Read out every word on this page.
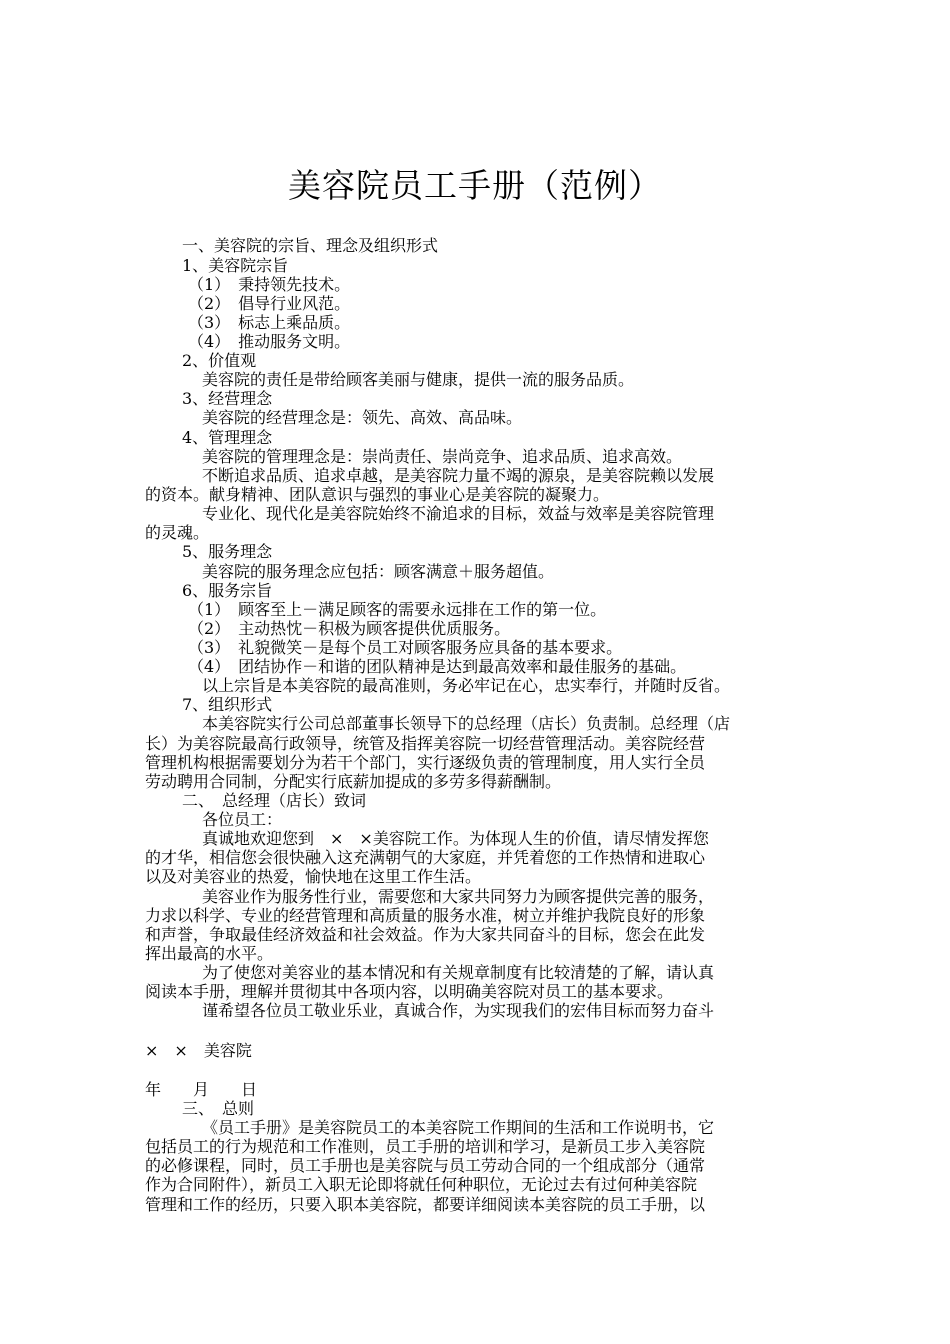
美容院员工手册（范例）
一、美容院的宗旨、理念及组织形式
1、美容院宗旨
（1）　秉持领先技术。
（2）　倡导行业风范。
（3）　标志上乘品质。
（4）　推动服务文明。
2、价值观
美容院的责任是带给顾客美丽与健康，提供一流的服务品质。
3、经营理念
美容院的经营理念是：领先、高效、高品味。
4、管理理念
美容院的管理理念是：崇尚责任、崇尚竞争、追求品质、追求高效。
不断追求品质、追求卓越，是美容院力量不竭的源泉，是美容院赖以发展
的资本。献身精神、团队意识与强烈的事业心是美容院的凝聚力。
专业化、现代化是美容院始终不渝追求的目标，效益与效率是美容院管理
的灵魂。
5、服务理念
美容院的服务理念应包括：顾客满意＋服务超值。
6、服务宗旨
（1）　顾客至上－满足顾客的需要永远排在工作的第一位。
（2）　主动热忱－积极为顾客提供优质服务。
（3）　礼貌微笑－是每个员工对顾客服务应具备的基本要求。
（4）　团结协作－和谐的团队精神是达到最高效率和最佳服务的基础。
以上宗旨是本美容院的最高准则，务必牢记在心，忠实奉行，并随时反省。
7、组织形式
本美容院实行公司总部董事长领导下的总经理（店长）负责制。总经理（店
长）为美容院最高行政领导，统管及指挥美容院一切经营管理活动。美容院经营
管理机构根据需要划分为若干个部门，实行逐级负责的管理制度，用人实行全员
劳动聘用合同制，分配实行底薪加提成的多劳多得薪酬制。
二、　总经理（店长）致词
各位员工：
真诚地欢迎您到　×　×美容院工作。为体现人生的价值，请尽情发挥您
的才华，相信您会很快融入这充满朝气的大家庭，并凭着您的工作热情和进取心
以及对美容业的热爱，愉快地在这里工作生活。
美容业作为服务性行业，需要您和大家共同努力为顾客提供完善的服务，
力求以科学、专业的经营管理和高质量的服务水准，树立并维护我院良好的形象
和声誉，争取最佳经济效益和社会效益。作为大家共同奋斗的目标，您会在此发
挥出最高的水平。
为了使您对美容业的基本情况和有关规章制度有比较清楚的了解，请认真
阅读本手册，理解并贯彻其中各项内容，以明确美容院对员工的基本要求。
谨希望各位员工敬业乐业，真诚合作，为实现我们的宏伟目标而努力奋斗
×　×　美容院
年　　月　　日
三、　总则
《员工手册》是美容院员工的本美容院工作期间的生活和工作说明书，它
包括员工的行为规范和工作准则，员工手册的培训和学习，是新员工步入美容院
的必修课程，同时，员工手册也是美容院与员工劳动合同的一个组成部分（通常
作为合同附件），新员工入职无论即将就任何种职位，无论过去有过何种美容院
管理和工作的经历，只要入职本美容院，都要详细阅读本美容院的员工手册，以
